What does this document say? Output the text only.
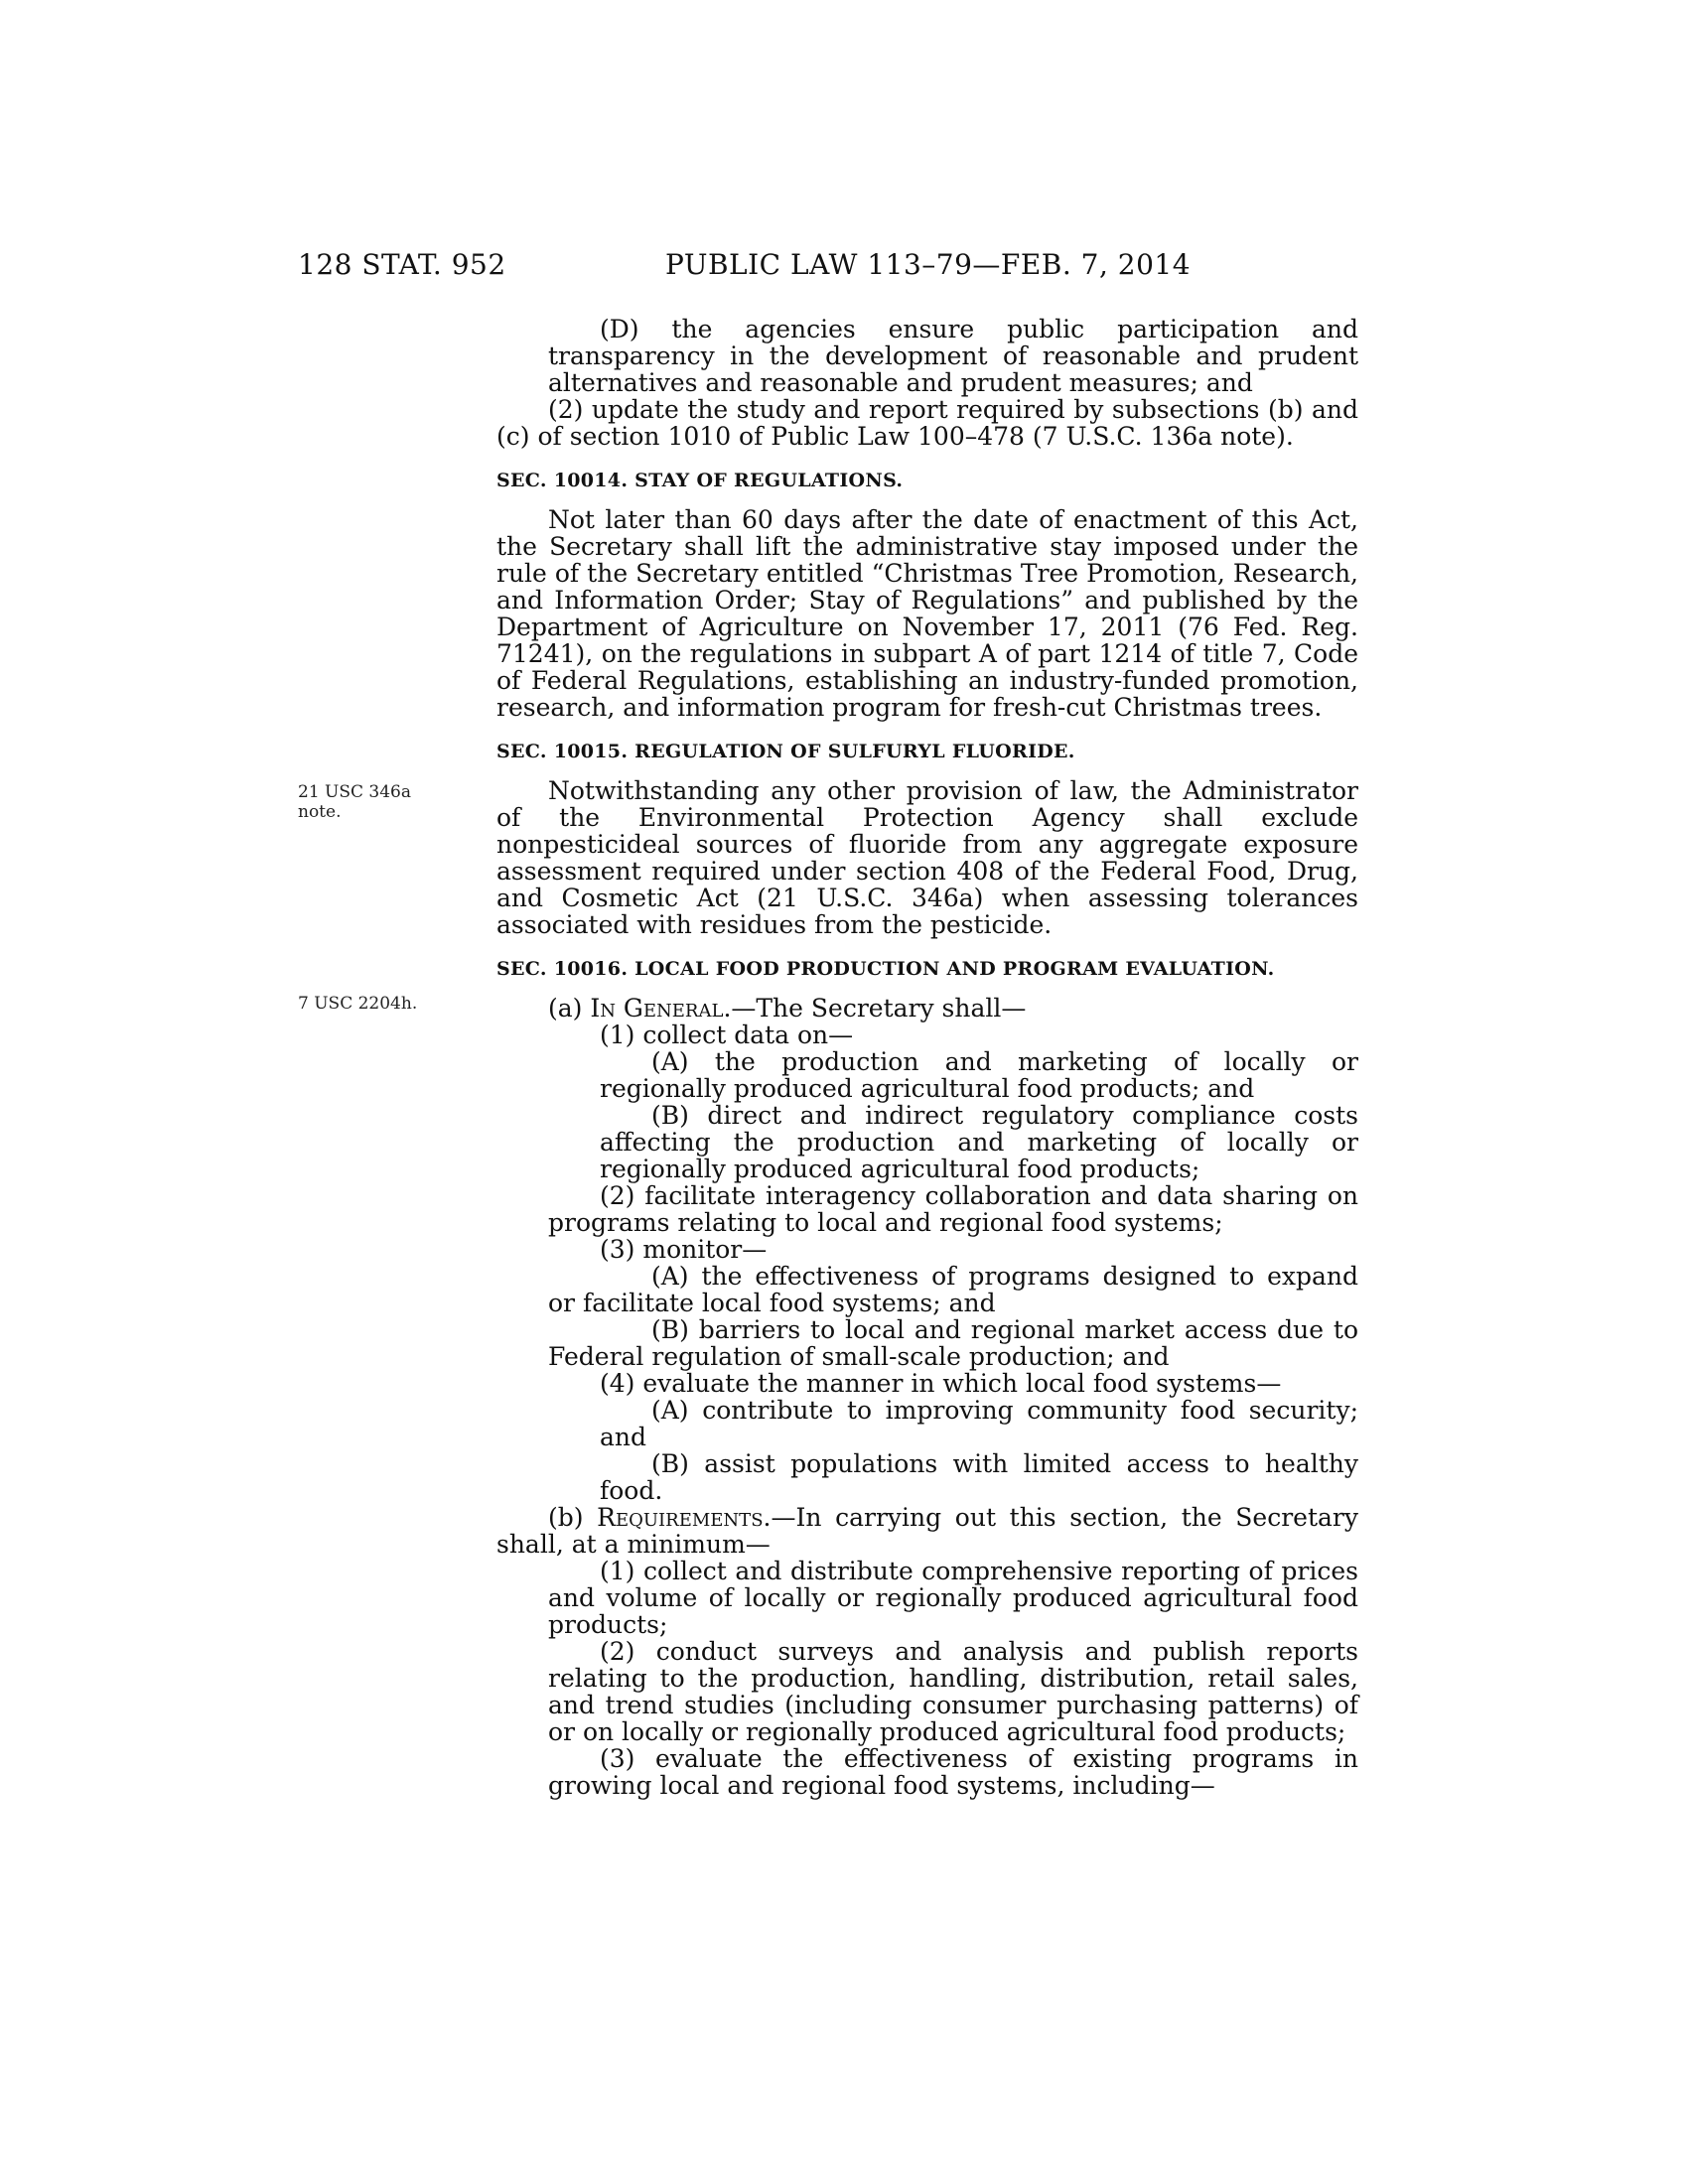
128 STAT. 952	PUBLIC LAW 113–79—FEB. 7, 2014
21 USC 346a note.
7 USC 2204h.

(D) the agencies ensure public participation and transparency in the development of reasonable and prudent alternatives and reasonable and prudent measures; and

(2) update the study and report required by subsections (b) and (c) of section 1010 of Public Law 100–478 (7 U.S.C. 136a note).

SEC. 10014. STAY OF REGULATIONS.

Not later than 60 days after the date of enactment of this Act, the Secretary shall lift the administrative stay imposed under the rule of the Secretary entitled “Christmas Tree Promotion, Research, and Information Order; Stay of Regulations” and published by the Department of Agriculture on November 17, 2011 (76 Fed. Reg. 71241), on the regulations in subpart A of part 1214 of title 7, Code of Federal Regulations, establishing an industry-funded promotion, research, and information program for fresh-cut Christmas trees.

SEC. 10015. REGULATION OF SULFURYL FLUORIDE.

Notwithstanding any other provision of law, the Administrator of the Environmental Protection Agency shall exclude nonpesticideal sources of fluoride from any aggregate exposure assessment required under section 408 of the Federal Food, Drug, and Cosmetic Act (21 U.S.C. 346a) when assessing tolerances associated with residues from the pesticide.

SEC. 10016. LOCAL FOOD PRODUCTION AND PROGRAM EVALUATION.

(a) In General.—The Secretary shall—

(1) collect data on—

(A) the production and marketing of locally or regionally produced agricultural food products; and

(B) direct and indirect regulatory compliance costs affecting the production and marketing of locally or regionally produced agricultural food products;

(2) facilitate interagency collaboration and data sharing on programs relating to local and regional food systems;

(3) monitor—

(A) the effectiveness of programs designed to expand or facilitate local food systems; and

(B) barriers to local and regional market access due to Federal regulation of small-scale production; and

(4) evaluate the manner in which local food systems—

(A) contribute to improving community food security; and

(B) assist populations with limited access to healthy food.

(b) Requirements.—In carrying out this section, the Secretary shall, at a minimum—

(1) collect and distribute comprehensive reporting of prices and volume of locally or regionally produced agricultural food products;

(2) conduct surveys and analysis and publish reports relating to the production, handling, distribution, retail sales, and trend studies (including consumer purchasing patterns) of or on locally or regionally produced agricultural food products;

(3) evaluate the effectiveness of existing programs in growing local and regional food systems, including—
